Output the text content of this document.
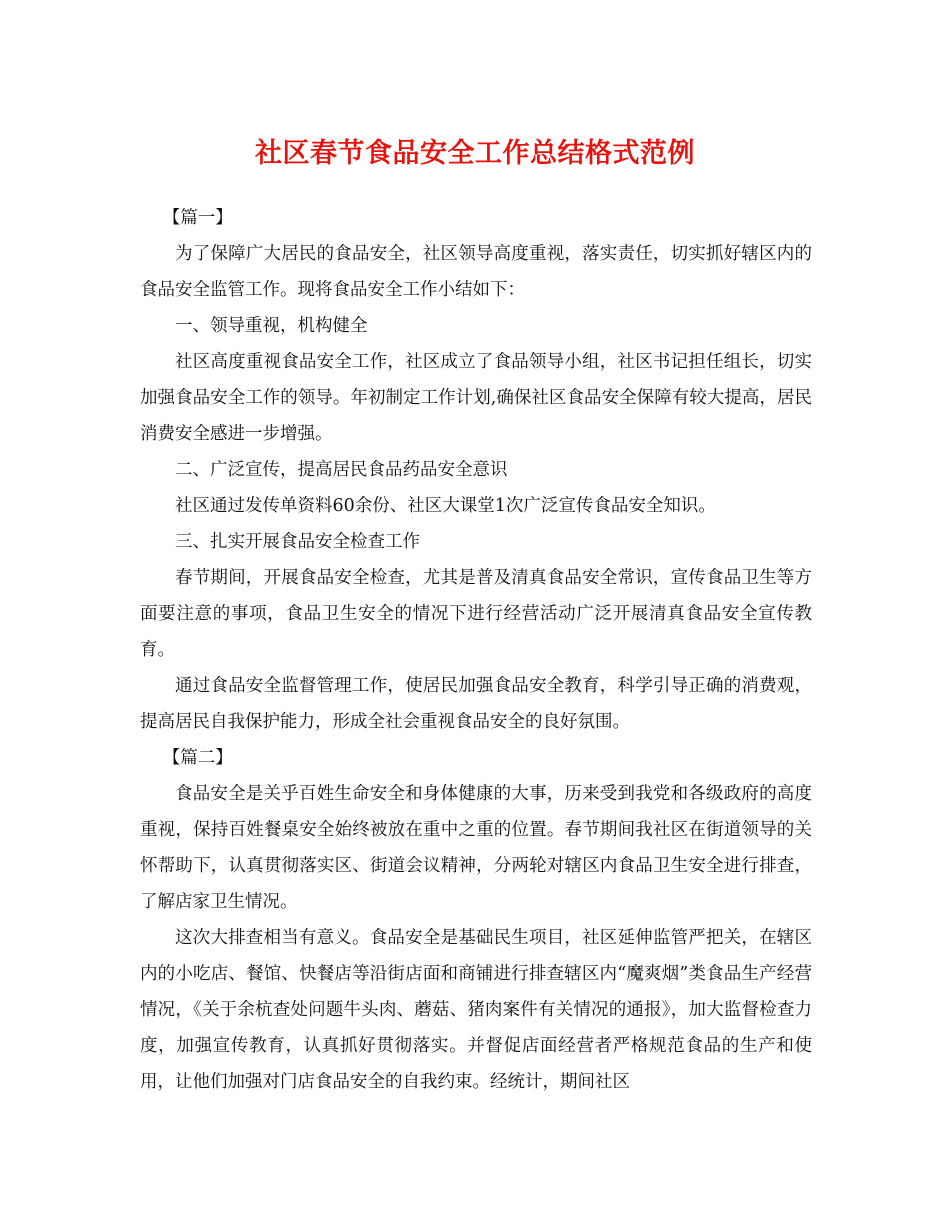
社区春节食品安全工作总结格式范例

【篇一】

为了保障广大居民的食品安全，社区领导高度重视，落实责任，切实抓好辖区内的食品安全监管工作。现将食品安全工作小结如下：

一、领导重视，机构健全

社区高度重视食品安全工作，社区成立了食品领导小组，社区书记担任组长，切实加强食品安全工作的领导。年初制定工作计划,确保社区食品安全保障有较大提高，居民消费安全感进一步增强。

二、广泛宣传，提高居民食品药品安全意识

社区通过发传单资料60余份、社区大课堂1次广泛宣传食品安全知识。

三、扎实开展食品安全检查工作

春节期间，开展食品安全检查，尤其是普及清真食品安全常识，宣传食品卫生等方面要注意的事项，食品卫生安全的情况下进行经营活动广泛开展清真食品安全宣传教育。

通过食品安全监督管理工作，使居民加强食品安全教育，科学引导正确的消费观，提高居民自我保护能力，形成全社会重视食品安全的良好氛围。

【篇二】

食品安全是关乎百姓生命安全和身体健康的大事，历来受到我党和各级政府的高度重视，保持百姓餐桌安全始终被放在重中之重的位置。春节期间我社区在街道领导的关怀帮助下，认真贯彻落实区、街道会议精神，分两轮对辖区内食品卫生安全进行排查，了解店家卫生情况。

这次大排查相当有意义。食品安全是基础民生项目，社区延伸监管严把关，在辖区内的小吃店、餐馆、快餐店等沿街店面和商铺进行排查辖区内“魔爽烟”类食品生产经营情况，《关于余杭查处问题牛头肉、蘑菇、猪肉案件有关情况的通报》，加大监督检查力度，加强宣传教育，认真抓好贯彻落实。并督促店面经营者严格规范食品的生产和使用，让他们加强对门店食品安全的自我约束。经统计，期间社区
